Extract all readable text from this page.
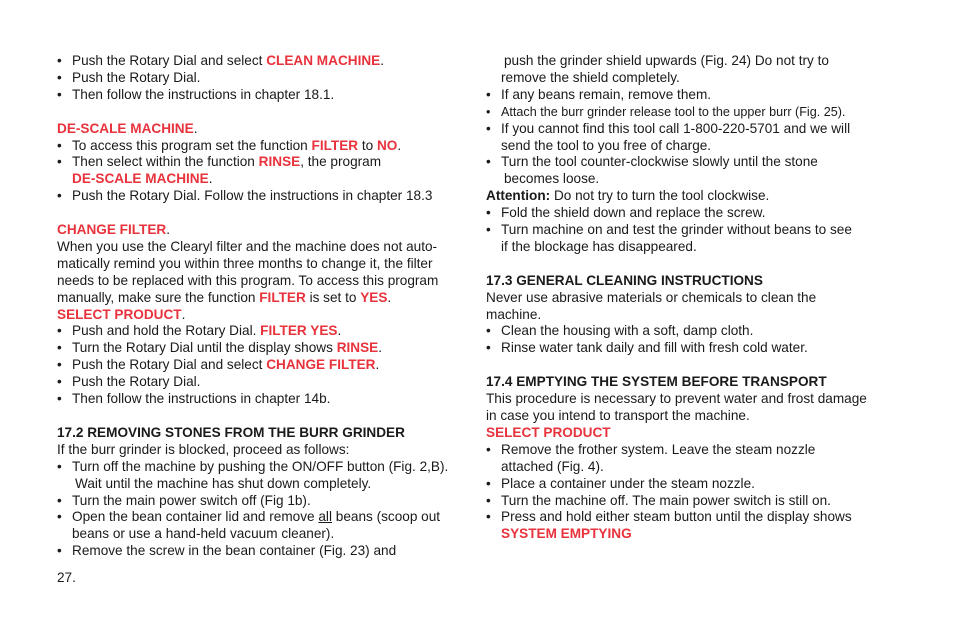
• Push the Rotary Dial and select CLEAN MACHINE.
• Push the Rotary Dial.
• Then follow the instructions in chapter 18.1.
DE-SCALE MACHINE.
• To access this program set the function FILTER to NO.
• Then select within the function RINSE, the program
DE-SCALE MACHINE.
• Push the Rotary Dial. Follow the instructions in chapter 18.3
CHANGE FILTER.
When you use the Clearyl filter and the machine does not auto-
matically remind you within three months to change it, the filter
needs to be replaced with this program. To access this program
manually, make sure the function FILTER is set to YES.
SELECT PRODUCT.
• Push and hold the Rotary Dial. FILTER YES.
• Turn the Rotary Dial until the display shows RINSE.
• Push the Rotary Dial and select CHANGE FILTER.
• Push the Rotary Dial.
• Then follow the instructions in chapter 14b.
17.2 REMOVING STONES FROM THE BURR GRINDER
If the burr grinder is blocked, proceed as follows:
• Turn off the machine by pushing the ON/OFF button (Fig. 2,B).
Wait until the machine has shut down completely.
• Turn the main power switch off (Fig 1b).
• Open the bean container lid and remove all beans (scoop out
beans or use a hand-held vacuum cleaner).
• Remove the screw in the bean container (Fig. 23) and
push the grinder shield upwards (Fig. 24) Do not try to
remove the shield completely.
• If any beans remain, remove them.
• Attach the burr grinder release tool to the upper burr (Fig. 25).
• If you cannot find this tool call 1-800-220-5701 and we will
send the tool to you free of charge.
• Turn the tool counter-clockwise slowly until the stone
becomes loose.
Attention: Do not try to turn the tool clockwise.
• Fold the shield down and replace the screw.
• Turn machine on and test the grinder without beans to see
if the blockage has disappeared.
17.3 GENERAL CLEANING INSTRUCTIONS
Never use abrasive materials or chemicals to clean the
machine.
• Clean the housing with a soft, damp cloth.
• Rinse water tank daily and fill with fresh cold water.
17.4 EMPTYING THE SYSTEM BEFORE TRANSPORT
This procedure is necessary to prevent water and frost damage
in case you intend to transport the machine.
SELECT PRODUCT
• Remove the frother system. Leave the steam nozzle
attached (Fig. 4).
• Place a container under the steam nozzle.
• Turn the machine off. The main power switch is still on.
• Press and hold either steam button until the display shows
SYSTEM EMPTYING
27.
